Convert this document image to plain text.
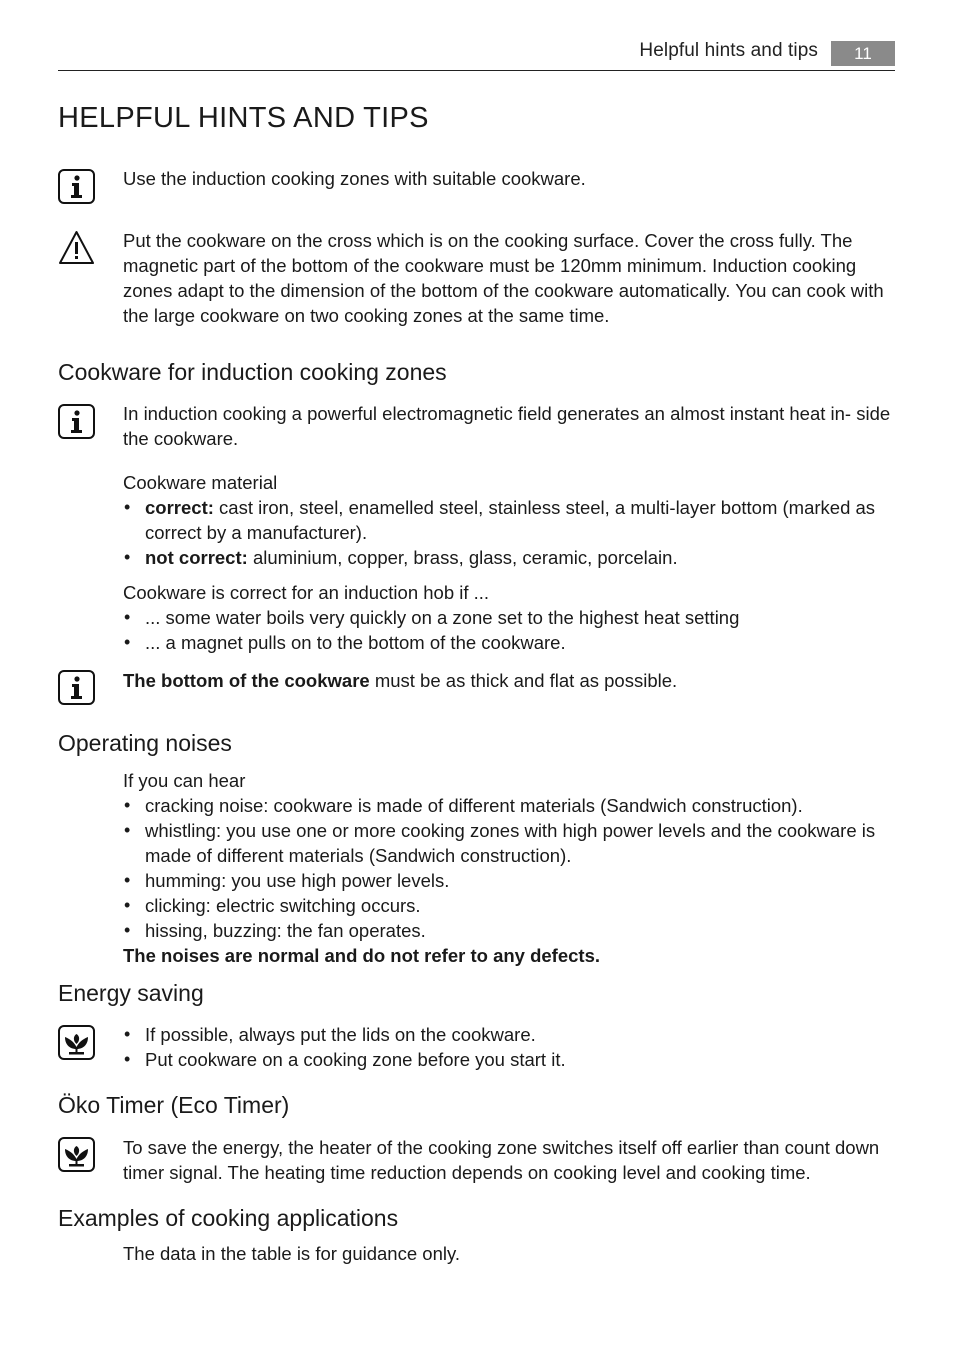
Helpful hints and tips	11
HELPFUL HINTS AND TIPS
Use the induction cooking zones with suitable cookware.
Put the cookware on the cross which is on the cooking surface. Cover the cross fully. The magnetic part of the bottom of the cookware must be 120mm minimum. Induction cooking zones adapt to the dimension of the bottom of the cookware automatically. You can cook with the large cookware on two cooking zones at the same time.
Cookware for induction cooking zones
In induction cooking a powerful electromagnetic field generates an almost instant heat in- side the cookware.

Cookware material

• correct: cast iron, steel, enamelled steel, stainless steel, a multi-layer bottom (marked as correct by a manufacturer).
• not correct: aluminium, copper, brass, glass, ceramic, porcelain.

Cookware is correct for an induction hob if ...

• ... some water boils very quickly on a zone set to the highest heat setting
• ... a magnet pulls on to the bottom of the cookware.
The bottom of the cookware must be as thick and flat as possible.
Operating noises

If you can hear

• cracking noise: cookware is made of different materials (Sandwich construction).
• whistling: you use one or more cooking zones with high power levels and the cookware is made of different materials (Sandwich construction).
• humming: you use high power levels.
• clicking: electric switching occurs.
• hissing, buzzing: the fan operates.

The noises are normal and do not refer to any defects.

Energy saving
• If possible, always put the lids on the cookware.
• Put cookware on a cooking zone before you start it.
Öko Timer (Eco Timer)
To save the energy, the heater of the cooking zone switches itself off earlier than count down timer signal. The heating time reduction depends on cooking level and cooking time.
Examples of cooking applications
The data in the table is for guidance only.
